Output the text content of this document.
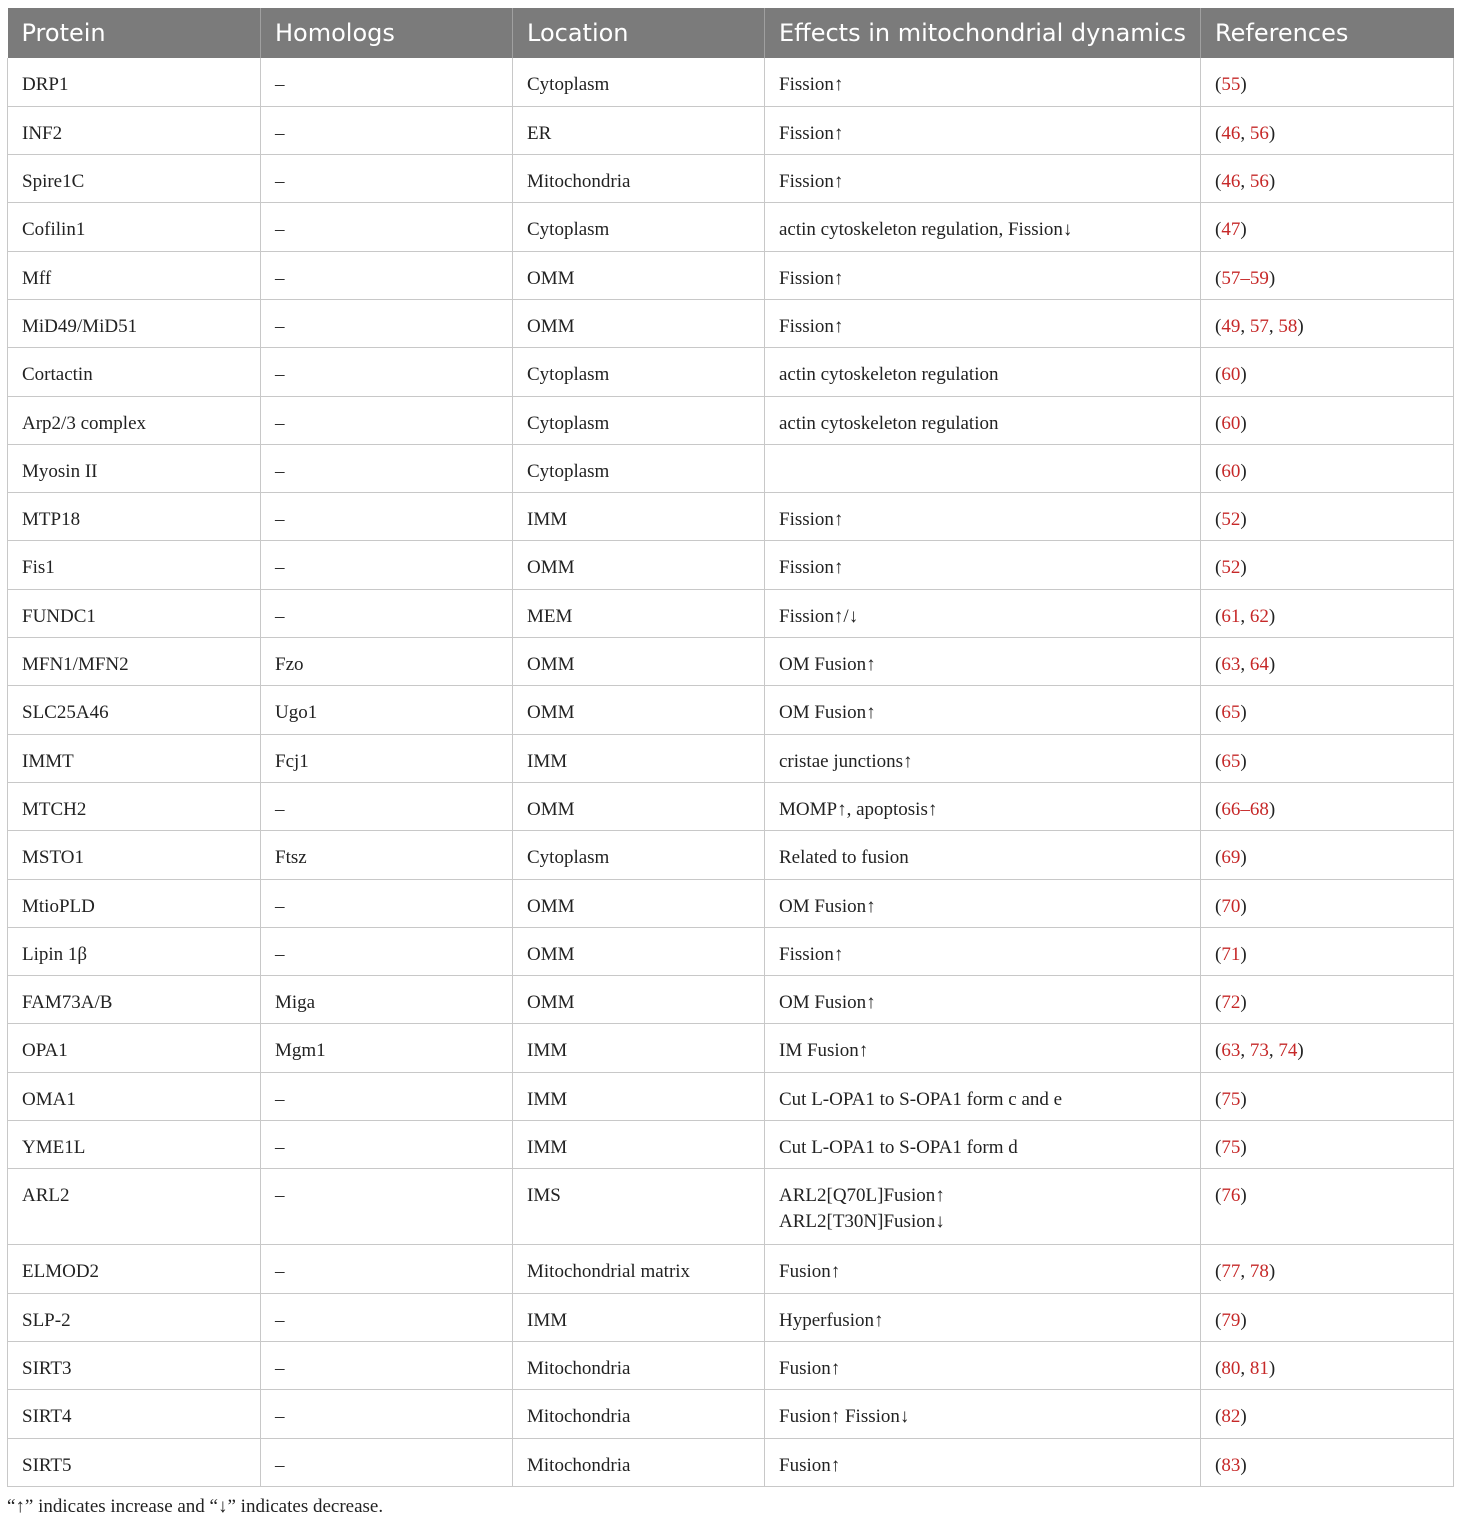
Protein	Homologs	Location	Effects in mitochondrial dynamics	References
DRP1	–	Cytoplasm	Fission↑	(55)
INF2	–	ER	Fission↑	(46, 56)
Spire1C	–	Mitochondria	Fission↑	(46, 56)
Cofilin1	–	Cytoplasm	actin cytoskeleton regulation, Fission↓	(47)
Mff	–	OMM	Fission↑	(57–59)
MiD49/MiD51	–	OMM	Fission↑	(49, 57, 58)
Cortactin	–	Cytoplasm	actin cytoskeleton regulation	(60)
Arp2/3 complex	–	Cytoplasm	actin cytoskeleton regulation	(60)
Myosin II	–	Cytoplasm		(60)
MTP18	–	IMM	Fission↑	(52)
Fis1	–	OMM	Fission↑	(52)
FUNDC1	–	MEM	Fission↑/↓	(61, 62)
MFN1/MFN2	Fzo	OMM	OM Fusion↑	(63, 64)
SLC25A46	Ugo1	OMM	OM Fusion↑	(65)
IMMT	Fcj1	IMM	cristae junctions↑	(65)
MTCH2	–	OMM	MOMP↑, apoptosis↑	(66–68)
MSTO1	Ftsz	Cytoplasm	Related to fusion	(69)
MtioPLD	–	OMM	OM Fusion↑	(70)
Lipin 1β	–	OMM	Fission↑	(71)
FAM73A/B	Miga	OMM	OM Fusion↑	(72)
OPA1	Mgm1	IMM	IM Fusion↑	(63, 73, 74)
OMA1	–	IMM	Cut L-OPA1 to S-OPA1 form c and e	(75)
YME1L	–	IMM	Cut L-OPA1 to S-OPA1 form d	(75)
ARL2	–	IMS	ARL2[Q70L]Fusion↑
ARL2[T30N]Fusion↓	(76)
ELMOD2	–	Mitochondrial matrix	Fusion↑	(77, 78)
SLP-2	–	IMM	Hyperfusion↑	(79)
SIRT3	–	Mitochondria	Fusion↑	(80, 81)
SIRT4	–	Mitochondria	Fusion↑ Fission↓	(82)
SIRT5	–	Mitochondria	Fusion↑	(83)
“↑” indicates increase and “↓” indicates decrease.
